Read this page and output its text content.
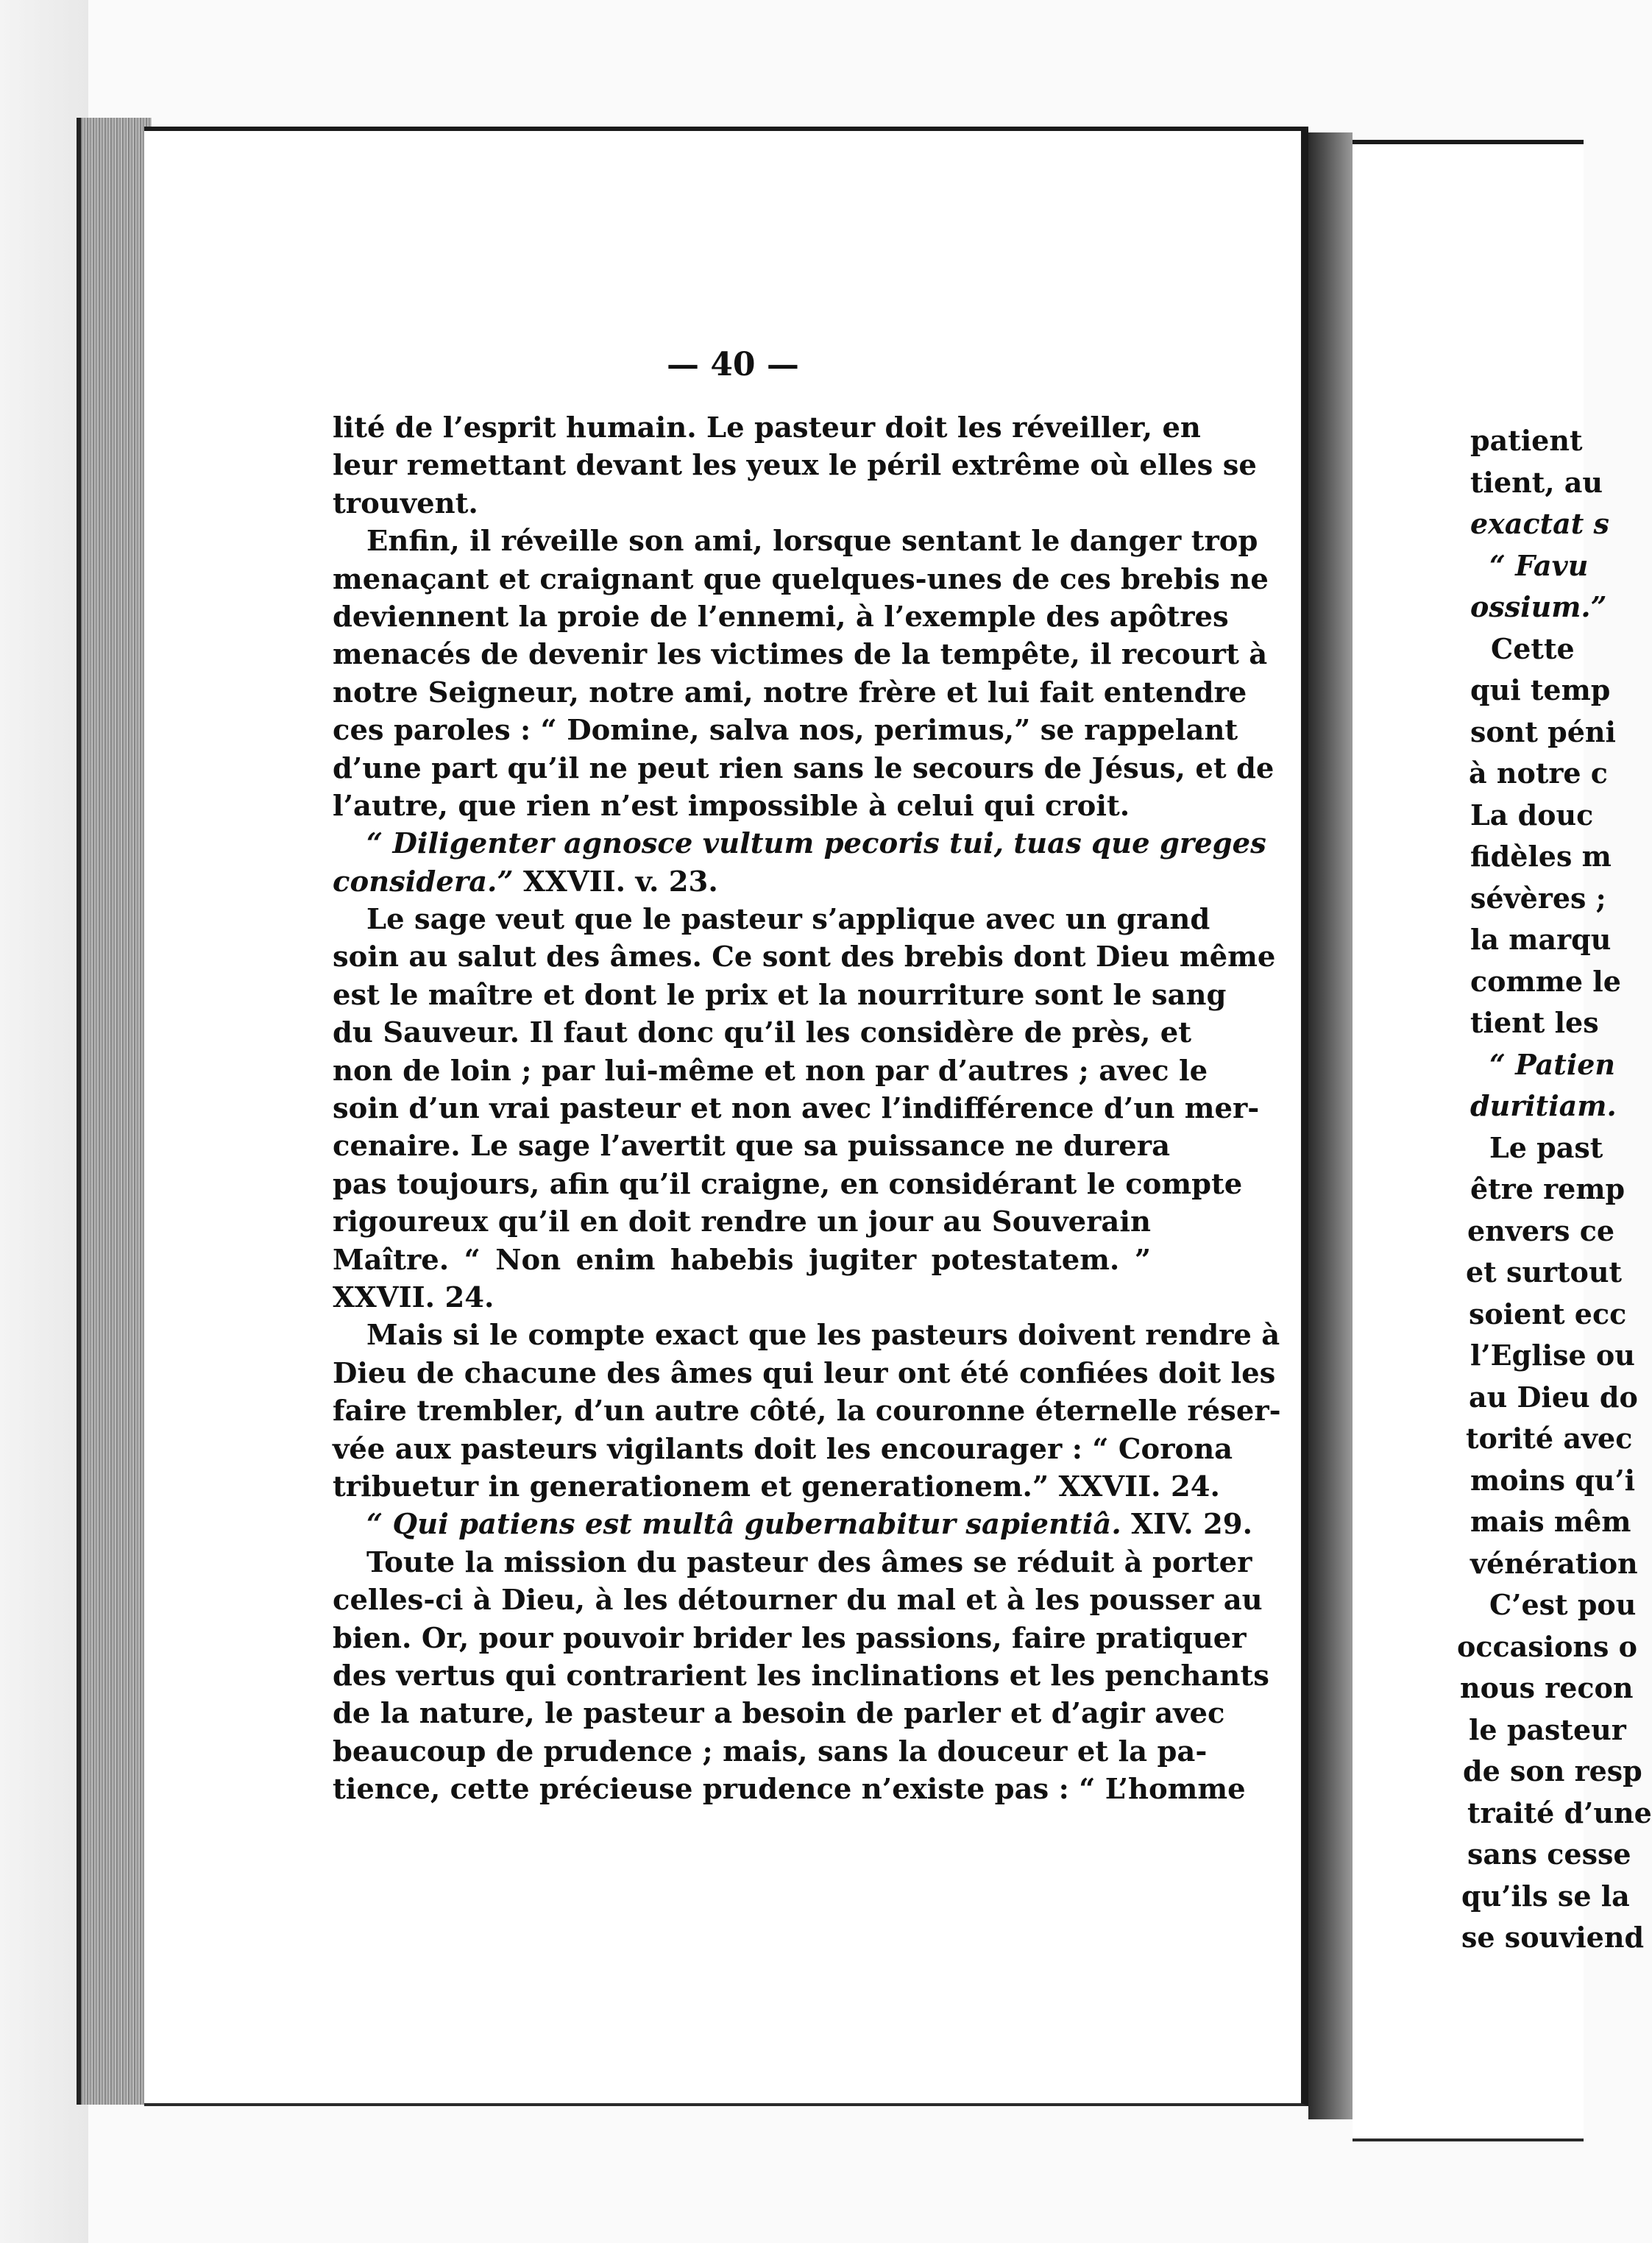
— 40 —
lité de l’esprit humain. Le pasteur doit les réveiller, en
leur remettant devant les yeux le péril extrême où elles se
trouvent.
Enfin, il réveille son ami, lorsque sentant le danger trop
menaçant et craignant que quelques-unes de ces brebis ne
deviennent la proie de l’ennemi, à l’exemple des apôtres
menacés de devenir les victimes de la tempête, il recourt à
notre Seigneur, notre ami, notre frère et lui fait entendre
ces paroles : “ Domine, salva nos, perimus,” se rappelant
d’une part qu’il ne peut rien sans le secours de Jésus, et de
l’autre, que rien n’est impossible à celui qui croit.
“ Diligenter agnosce vultum pecoris tui, tuas que greges
considera.” XXVII. v. 23.
Le sage veut que le pasteur s’applique avec un grand
soin au salut des âmes. Ce sont des brebis dont Dieu même
est le maître et dont le prix et la nourriture sont le sang
du Sauveur. Il faut donc qu’il les considère de près, et
non de loin ; par lui-même et non par d’autres ; avec le
soin d’un vrai pasteur et non avec l’indifférence d’un mer-
cenaire. Le sage l’avertit que sa puissance ne durera
pas toujours, afin qu’il craigne, en considérant le compte
rigoureux qu’il en doit rendre un jour au Souverain
Maître. “ Non enim habebis jugiter potestatem. ”
XXVII. 24.
Mais si le compte exact que les pasteurs doivent rendre à
Dieu de chacune des âmes qui leur ont été confiées doit les
faire trembler, d’un autre côté, la couronne éternelle réser-
vée aux pasteurs vigilants doit les encourager : “ Corona
tribuetur in generationem et generationem.” XXVII. 24.
“ Qui patiens est multâ gubernabitur sapientiâ. XIV. 29.
Toute la mission du pasteur des âmes se réduit à porter
celles-ci à Dieu, à les détourner du mal et à les pousser au
bien. Or, pour pouvoir brider les passions, faire pratiquer
des vertus qui contrarient les inclinations et les penchants
de la nature, le pasteur a besoin de parler et d’agir avec
beaucoup de prudence ; mais, sans la douceur et la pa-
tience, cette précieuse prudence n’existe pas : “ L’homme
patient
tient, au
exactat s
“ Favu
ossium.”
Cette
qui temp
sont péni
à notre c
La douc
fidèles m
sévères ;
la marqu
comme le
tient les
“ Patien
duritiam.
Le past
être remp
envers ce
et surtout
soient ecc
l’Eglise ou
au Dieu do
torité avec
moins qu’i
mais mêm
vénération
C’est pou
occasions o
nous recon
le pasteur
de son resp
traité d’une
sans cesse
qu’ils se la
se souviend
